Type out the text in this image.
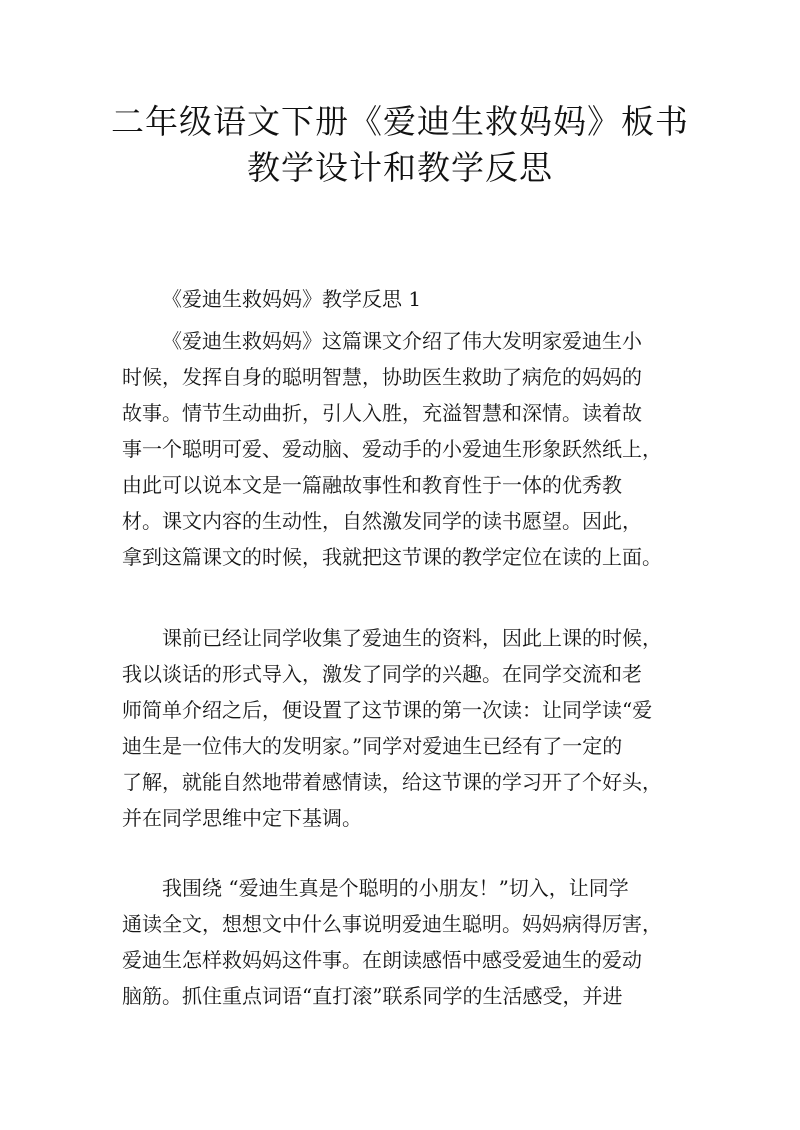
二年级语文下册《爱迪生救妈妈》板书
教学设计和教学反思
《爱迪生救妈妈》教学反思 1
《爱迪生救妈妈》这篇课文介绍了伟大发明家爱迪生小
时候，发挥自身的聪明智慧，协助医生救助了病危的妈妈的
故事。情节生动曲折，引人入胜，充溢智慧和深情。读着故
事一个聪明可爱、爱动脑、爱动手的小爱迪生形象跃然纸上，
由此可以说本文是一篇融故事性和教育性于一体的优秀教
材。课文内容的生动性，自然激发同学的读书愿望。因此，
拿到这篇课文的时候，我就把这节课的教学定位在读的上面。
课前已经让同学收集了爱迪生的资料，因此上课的时候，
我以谈话的形式导入，激发了同学的兴趣。在同学交流和老
师简单介绍之后，便设置了这节课的第一次读：让同学读“爱
迪生是一位伟大的发明家。”同学对爱迪生已经有了一定的
了解，就能自然地带着感情读，给这节课的学习开了个好头，
并在同学思维中定下基调。
我围绕 “爱迪生真是个聪明的小朋友！”切入，让同学
通读全文，想想文中什么事说明爱迪生聪明。妈妈病得厉害，
爱迪生怎样救妈妈这件事。在朗读感悟中感受爱迪生的爱动
脑筋。抓住重点词语“直打滚”联系同学的生活感受，并进
